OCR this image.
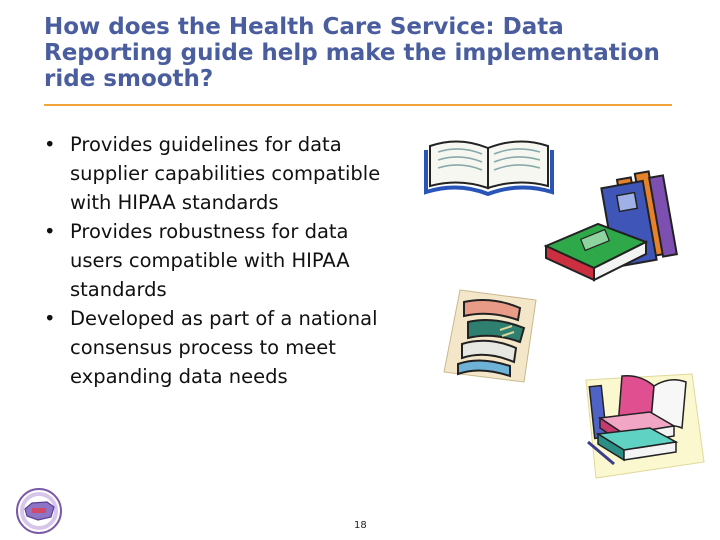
How does the Health Care Service: Data Reporting guide help make the implementation ride smooth?
• Provides guidelines for data supplier capabilities compatible with HIPAA standards
• Provides robustness for data users compatible with HIPAA standards
• Developed as part of a national consensus process to meet expanding data needs
18
